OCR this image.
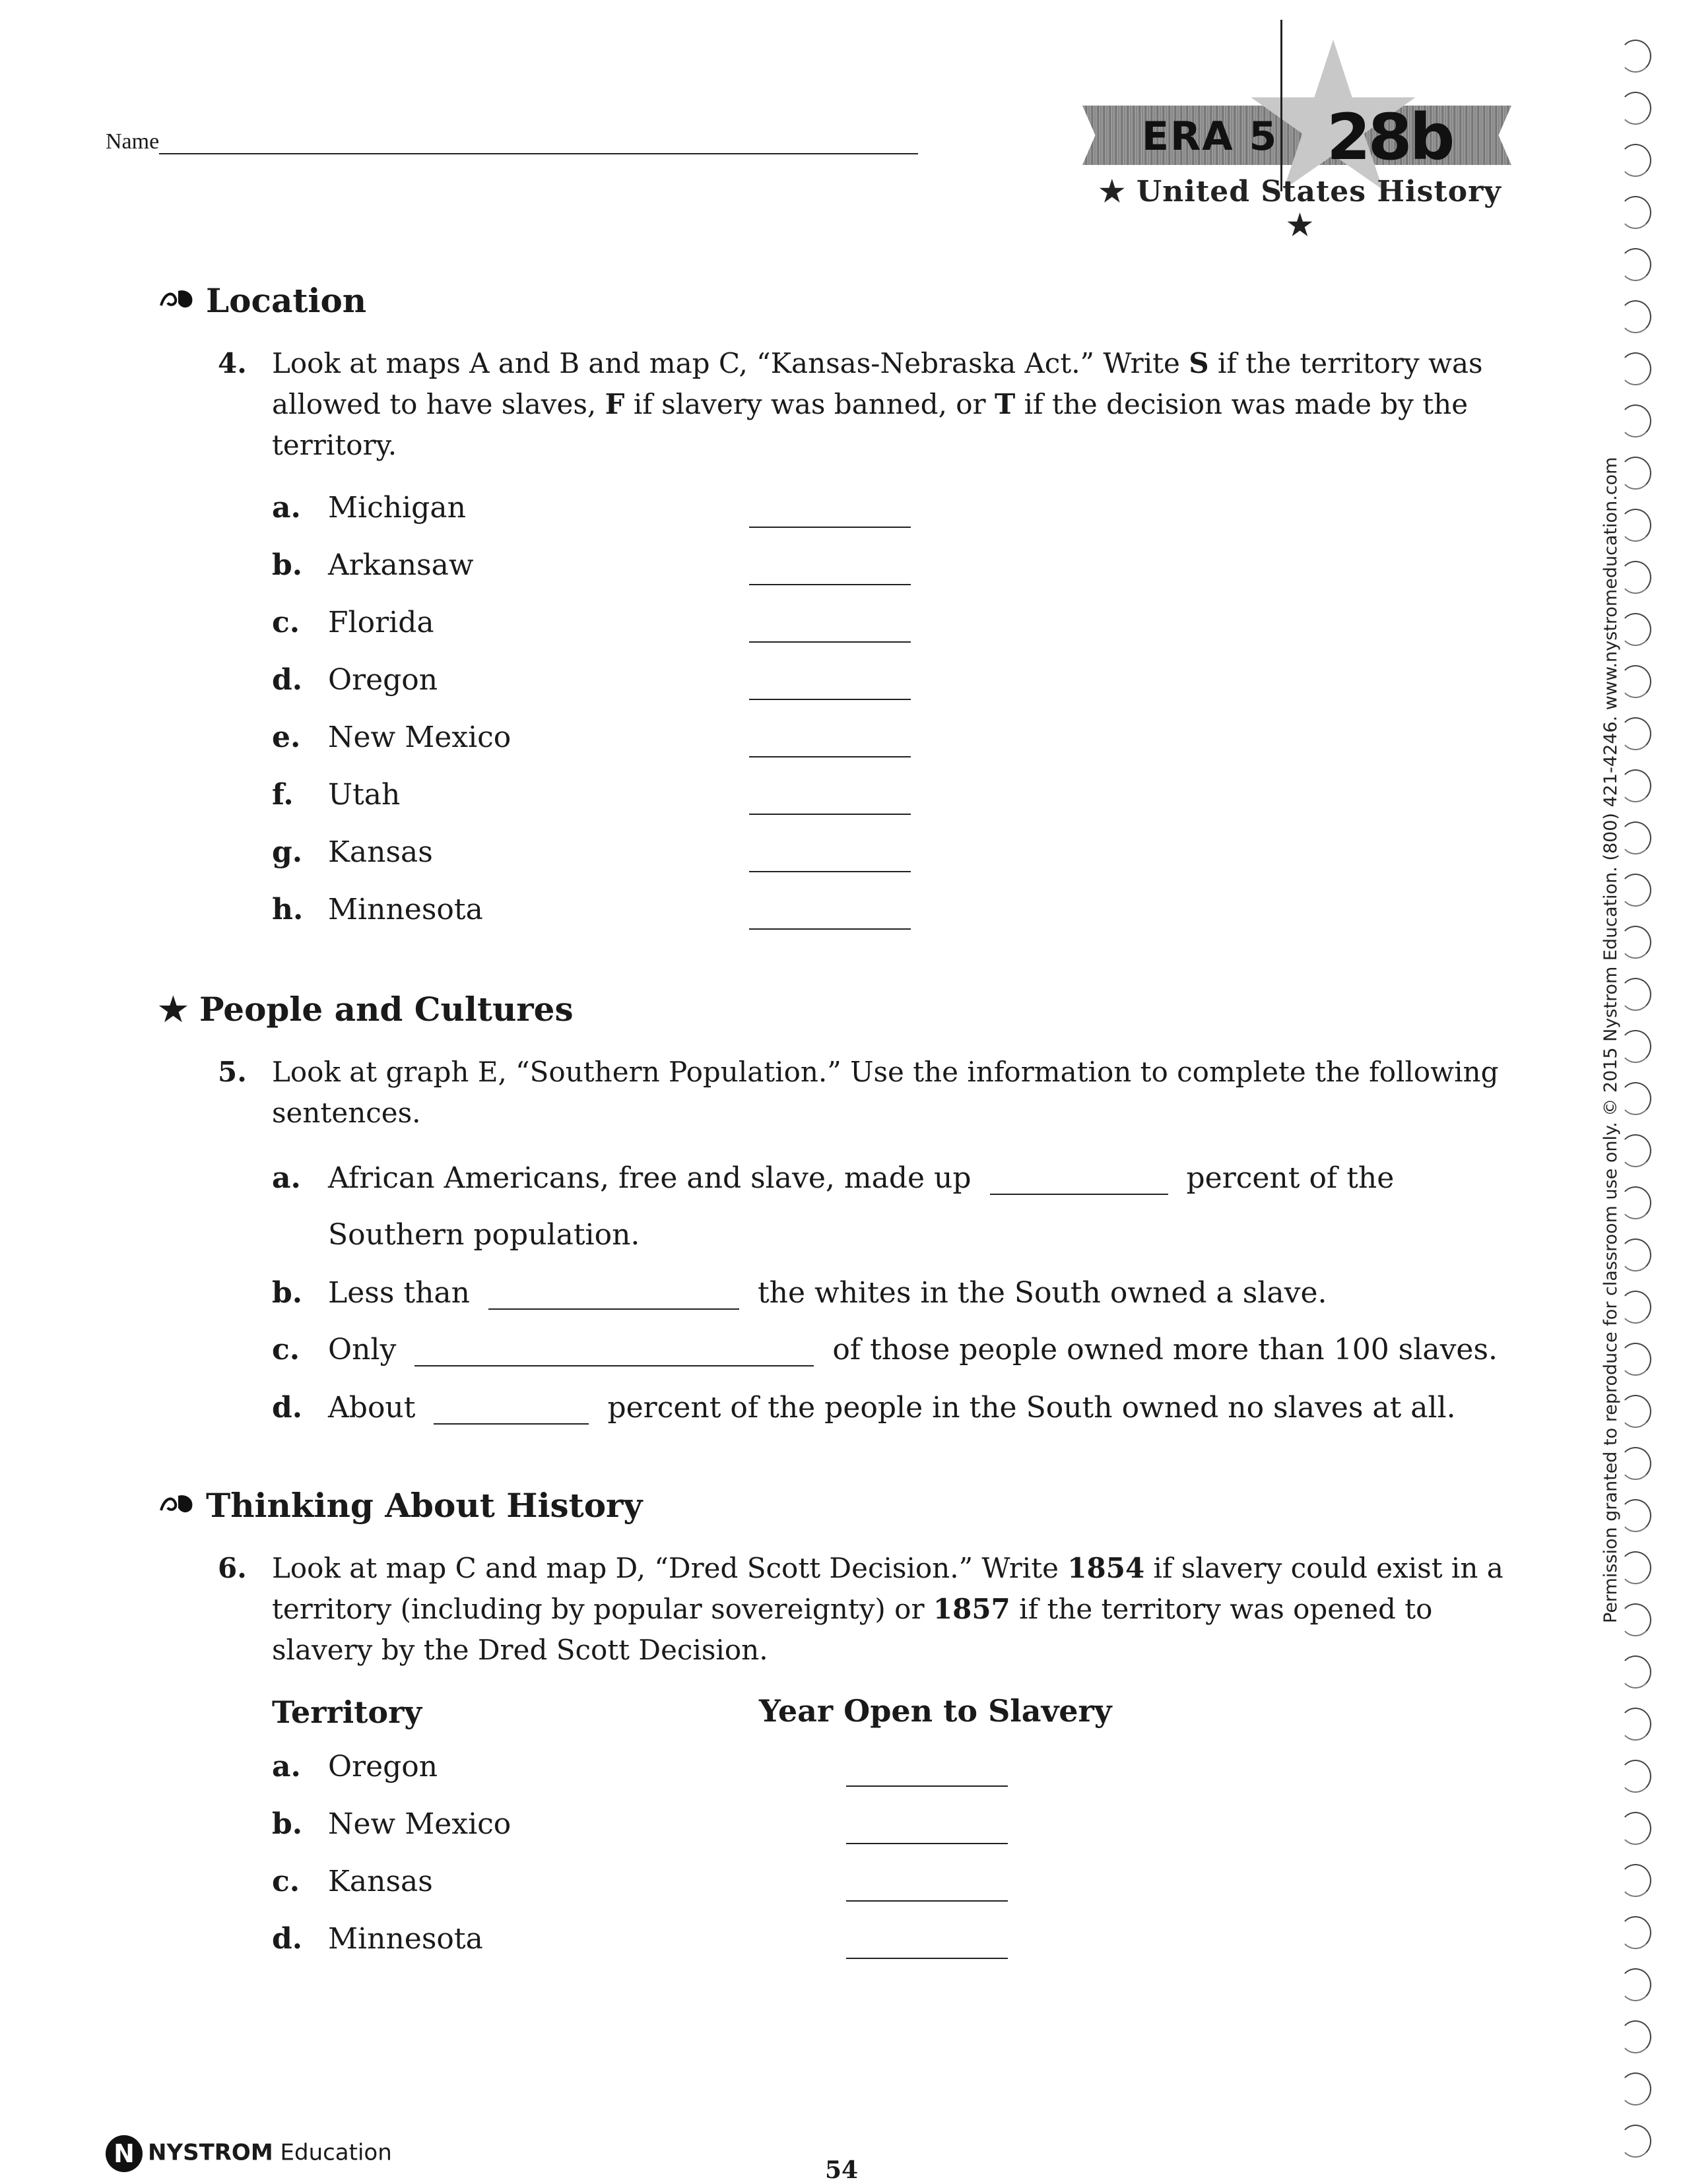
Name	ERA 5 28b
★ United States History ★
Location
4. Look at maps A and B and map C, “Kansas-Nebraska Act.” Write S if the territory was allowed to have slaves, F if slavery was banned, or T if the decision was made by the territory.
a. Michigan
b. Arkansaw
c. Florida
d. Oregon
e. New Mexico
f. Utah
g. Kansas
h. Minnesota
★ People and Cultures
5. Look at graph E, “Southern Population.” Use the information to complete the following sentences.
a. African Americans, free and slave, made up	percent of the
Southern population.
b. Less than	the whites in the South owned a slave.
c. Only	of those people owned more than 100 slaves.
d. About	percent of the people in the South owned no slaves at all.
Thinking About History
6. Look at map C and map D, “Dred Scott Decision.” Write 1854 if slavery could exist in a territory (including by popular sovereignty) or 1857 if the territory was opened to slavery by the Dred Scott Decision.
Territory	Year Open to Slavery
a. Oregon
b. New Mexico
c. Kansas
d. Minnesota
Permission granted to reproduce for classroom use only. © 2015 Nystrom Education. (800) 421-4246. www.nystromeducation.com
N NYSTROM Education
54
